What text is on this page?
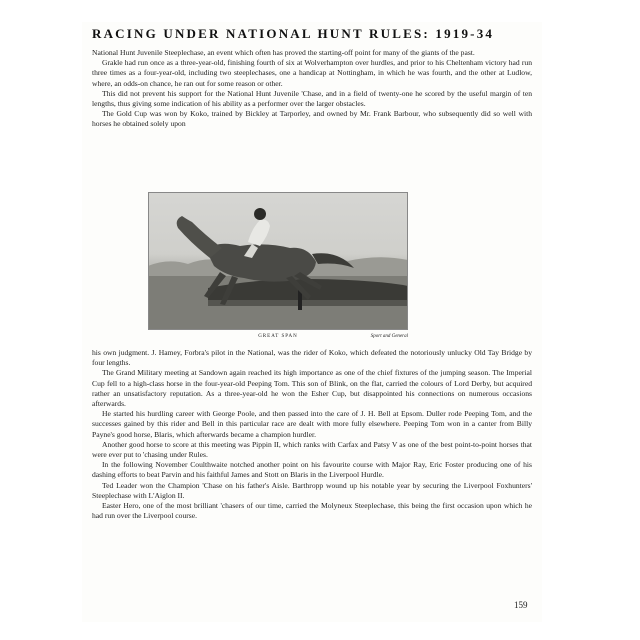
RACING UNDER NATIONAL HUNT RULES: 1919-34

National Hunt Juvenile Steeplechase, an event which often has proved the starting-off point for many of the giants of the past.

Grakle had run once as a three-year-old, finishing fourth of six at Wolverhampton over hurdles, and prior to his Cheltenham victory had run three times as a four-year-old, including two steeplechases, one a handicap at Nottingham, in which he was fourth, and the other at Ludlow, where, an odds-on chance, he ran out for some reason or other.

This did not prevent his support for the National Hunt Juvenile 'Chase, and in a field of twenty-one he scored by the useful margin of ten lengths, thus giving some indication of his ability as a performer over the larger obstacles.

The Gold Cup was won by Koko, trained by Bickley at Tarporley, and owned by Mr. Frank Barbour, who subsequently did so well with horses he obtained solely upon

GREAT SPAN	Sport and General

his own judgment. J. Hamey, Forbra's pilot in the National, was the rider of Koko, which defeated the notoriously unlucky Old Tay Bridge by four lengths.

The Grand Military meeting at Sandown again reached its high importance as one of the chief fixtures of the jumping season. The Imperial Cup fell to a high-class horse in the four-year-old Peeping Tom. This son of Blink, on the flat, carried the colours of Lord Derby, but acquired rather an unsatisfactory reputation. As a three-year-old he won the Esher Cup, but disappointed his connections on numerous occasions afterwards.

He started his hurdling career with George Poole, and then passed into the care of J. H. Bell at Epsom. Duller rode Peeping Tom, and the successes gained by this rider and Bell in this particular race are dealt with more fully elsewhere. Peeping Tom won in a canter from Billy Payne's good horse, Blaris, which afterwards became a champion hurdler.

Another good horse to score at this meeting was Pippin II, which ranks with Carfax and Patsy V as one of the best point-to-point horses that were ever put to 'chasing under Rules.

In the following November Coulthwaite notched another point on his favourite course with Major Ray, Eric Foster producing one of his dashing efforts to beat Parvin and his faithful James and Stott on Blaris in the Liverpool Hurdle.

Ted Leader won the Champion 'Chase on his father's Aisle. Barthropp wound up his notable year by securing the Liverpool Foxhunters' Steeplechase with L'Aiglon II.

Easter Hero, one of the most brilliant 'chasers of our time, carried the Molyneux Steeplechase, this being the first occasion upon which he had run over the Liverpool course.

159
